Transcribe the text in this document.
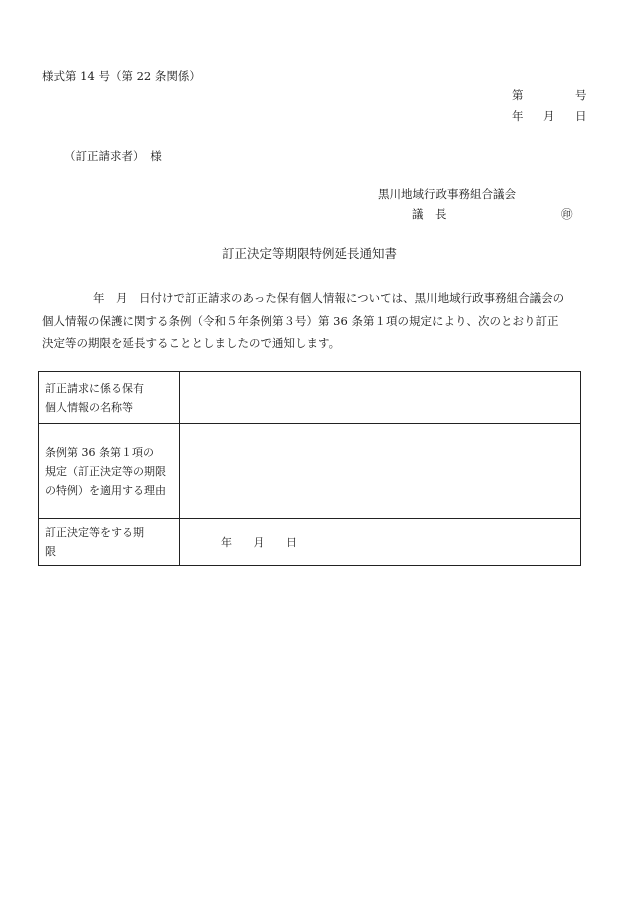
様式第 14 号（第 22 条関係）
第	号
年 月 日
（訂正請求者）　様
黒川地域行政事務組合議会
議　長	㊞
訂正決定等期限特例延長通知書
年　月　日付けで訂正請求のあった保有個人情報については、黒川地域行政事務組合議会の
個人情報の保護に関する条例（令和５年条例第３号）第 36 条第１項の規定により、次のとおり訂正
決定等の期限を延長することとしましたので通知します。
訂正請求に係る保有
個人情報の名称等	

条例第 36 条第１項の
規定（訂正決定等の期限
の特例）を適用する理由	

訂正決定等をする期
限	年 月 日
